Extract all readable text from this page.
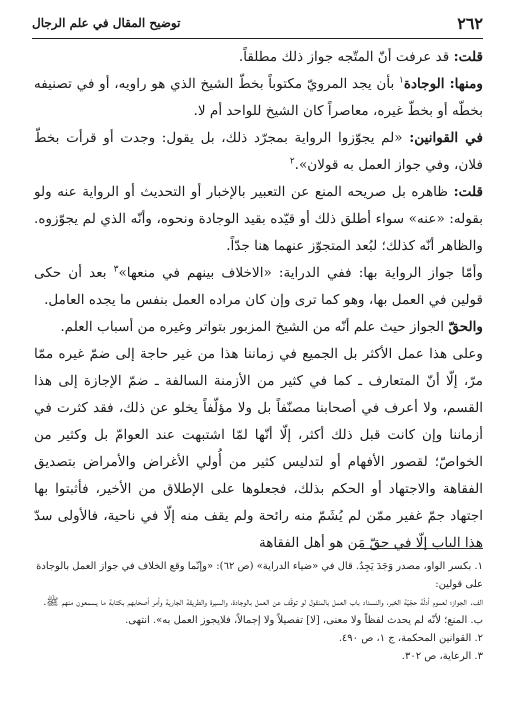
٢٦٢
توضيح المقال في علم الرجال

قلت: قد عرفت أنّ المتّجه جواز ذلك مطلقاً.

ومنها: الوجادة$^١$ بأن يجد المرويّ مكتوباً بخطّ الشيخ الذي هو راويه، أو في تصنيفه بخطّه أو بخطّ غيره، معاصراً كان الشيخ للواحد أم لا.

في القوانين: «لم يجوّزوا الرواية بمجرّد ذلك، بل يقول: وجدت أو قرأت بخطّ فلان، وفي جواز العمل به قولان».$^٢$

قلت: ظاهره بل صريحه المنع عن التعبير بالإخبار أو التحديث أو الرواية عنه ولو بقوله: «عنه» سواء أطلق ذلك أو قيّده بقيد الوجادة ونحوه، وأنّه الذي لم يجوّزوه. والظاهر أنّه كذلك؛ لبُعد المتجوّز عنهما هنا جدّاً.

وأمّا جواز الرواية بها: ففي الدراية: «الاخلاف بينهم في منعها»$^٣$ بعد أن حكى قولين في العمل بها، وهو كما ترى وإن كان مراده العمل بنفس ما يجده العامل.

والحقّ الجواز حيث علم أنّه من الشيخ المزبور بتواتر وغيره من أسباب العلم.

وعلى هذا عمل الأكثر بل الجميع في زماننا هذا من غير حاجة إلى ضمّ غيره ممّا مرّ، إلّا أنّ المتعارف ـ كما في كثير من الأزمنة السالفة ـ ضمّ الإجازة إلى هذا القسم، ولا أعرف في أصحابنا مصنّفاً بل ولا مؤلّفاً يخلو عن ذلك، فقد كثرت في أزماننا وإن كانت قبل ذلك أكثر، إلّا أنّها لمّا اشتبهت عند العوامّ بل وكثير من الخواصّ؛ لقصور الأفهام أو لتدليس كثير من أُولي الأغراض والأمراض بتصديق الفقاهة والاجتهاد أو الحكم بذلك، فجعلوها على الإطلاق من الأخير، فأثبتوا بها اجتهاد جمّ غفير ممّن لم يُشَمّ منه رائحة ولم يقف منه إلّا في ناحية، فالأولى سدّ هذا الباب إلّا في حقّ مَن هو أهل الفقاهة

١. بكسر الواو، مصدر وَجَدَ يَجِدُ. قال في «ضياء الدراية» (ص ٦٢): «وإنّما وقع الخلاف في جواز العمل بالوجادة على قولين:

الف. الجواز؛ لعموم أدلّة حجّيّة الخبر، والنسداد باب العمل بالمنقول لو توقّف عن العمل بالوجادة، والسيرة والطريقة الجارية وأمر أصحابهم بكتابة ما يسمعون منهم ﷺ.

ب. المنع؛ لأنّه لم يحدث لفظاً ولا معنى، [لا] تفصيلاً ولا إجمالاً، فلايجوز العمل به». انتهى.

٢. القوانين المحكمة، ج ١، ص ٤٩٠.

٣. الرعاية، ص ٣٠٢.
